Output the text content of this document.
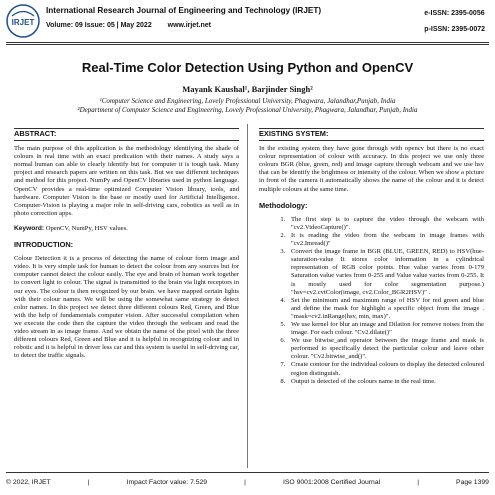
IRJET
International Research Journal of Engineering and Technology (IRJET)
Volume: 09 Issue: 05 | May 2022 www.irjet.net
e-ISSN: 2395-0056
p-ISSN: 2395-0072
Real-Time Color Detection Using Python and OpenCV
Mayank Kaushal¹, Barjinder Singh²
¹Computer Science and Engineering, Lovely Professional University, Phagwara, Jalandhar,Punjab, India
²Department of Computer Science and Engineering, Lovely Professional University, Phagwara, Jalandhar, Punjab, India
ABSTRACT:

The main purpose of this application is the methodology identifying the shade of colours in real time with an exact predication with their names. A study says a normal human can able to clearly identify but for computer it is tough task. Many project and research papers are written on this task. But we use different techniques and method for this project. NumPy and OpenCV libraries used in python language. OpenCV provides a real-time optimized Computer Vision library, tools, and hardware. Computer Vision is the base or mostly used for Artificial Intelligence. Computer-Vision is playing a major role in self-driving cars, robotics as well as in photo correction apps.

Keyword: OpenCV, NumPy, HSV values.

INTRODUCTION:

Colour Detection it is a process of detecting the name of colour form image and video. It is very simple task for human to detect the colour from any sources but for computer cannot detect the colour easily. The eye and brain of human work together to convert light to colour. The signal is transmitted to the brain via light receptors in our eyes. The colour is then recognized by our brain. we have mapped certain lights with their colour names. We will be using the somewhat same strategy to detect color names. In this project we detect three different colours Red, Green, and Blue with the help of fundamentals computer vision. After successful compilation when we execute the code then the capture the video through the webcam and read the video stream in as image frame. And we obtain the name of the pixel with the three different colours Red, Green and Blue and it is helpful in recognizing colour and in robotic and it is helpful in driver less car and this system is useful in self-driving car, to detect the traffic signals.

EXISTING SYSTEM:

In the existing system they have gone through with opencv but there is no exact colour representation of colour with accuracy. In this project we use only three colours BGR (blue, green, red) and image capture through webcam and we use hsv that can be identify the brightness or intensity of the colour. When we show a picture in front of the camera it automatically shows the name of the colour and it is detect multiple colours at the same time.

Methodology:
1. The first step is to capture the video through the webcam with "cv2.VideoCapture()".
2. It is reading the video from the webcam in image frames with "cv2.Imread()"
3. Convert the image frame in BGR (BLUE, GREEN, RED) to HSV(hue-saturation-value It stores color information in a cylindrical representation of RGB color points. Hue value varies from 0-179 Saturation value varies from 0-255 and Value value varies from 0-255. It is mostly used for color segmentation purpose.) "hsv=cv2.cvtColor(image, cv2.Color_BGR2HSV)" .
4. Set the minimum and maximum range of HSV for red green and blue and define the mask for highlight a specific object from the image . "mask=cv2.inRange(hsv, min, max)".
5. We use kernel for blur an image and Dilation for remove noises from the image. For each colour. "Cv2.dilate()"
6. We use bitwise_and operator between the image frame and mask is performed to specifically detect the particular colour and leave other colour. "Cv2.bitwise_and()".
7. Create contour for the individual colours to display the detected coloured region distinguish.
8. Output is detected of the colours name in the real time.
© 2022, IRJET	|	Impact Factor value: 7.529	|	ISO 9001:2008 Certified Journal	|	Page 1399
